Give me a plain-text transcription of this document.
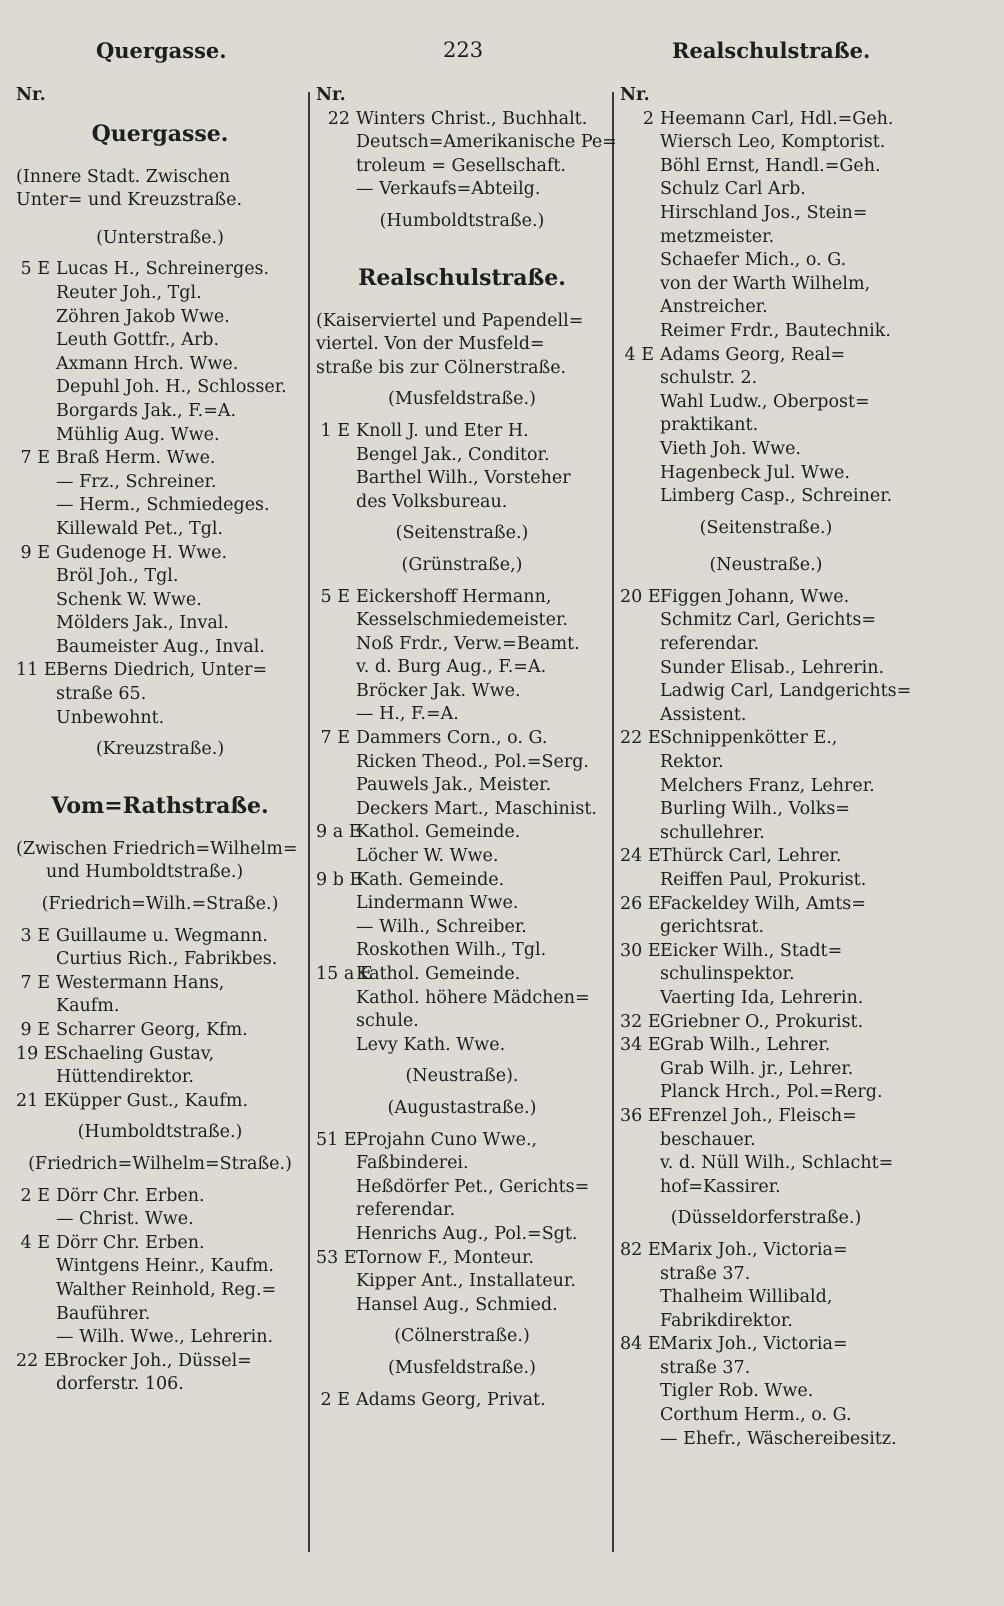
Quergasse.	223	Realschulstraße.
Nr.
Quergasse.
(Innere Stadt. Zwischen
Unter= und Kreuzstraße.
(Unterstraße.)
5 E Lucas H., Schreinerges.
Reuter Joh., Tgl.
Zöhren Jakob Wwe.
Leuth Gottfr., Arb.
Axmann Hrch. Wwe.
Depuhl Joh. H., Schlosser.
Borgards Jak., F.=A.
Mühlig Aug. Wwe.
7 E Braß Herm. Wwe.
— Frz., Schreiner.
— Herm., Schmiedeges.
Killewald Pet., Tgl.
9 E Gudenoge H. Wwe.
Bröl Joh., Tgl.
Schenk W. Wwe.
Mölders Jak., Inval.
Baumeister Aug., Inval.
11 EBerns Diedrich, Unter=
straße 65.
Unbewohnt.
(Kreuzstraße.)
Vom=Rathstraße.
(Zwischen Friedrich=Wilhelm=
und Humboldtstraße.)
(Friedrich=Wilh.=Straße.)
3 E Guillaume u. Wegmann.
Curtius Rich., Fabrikbes.
7 E Westermann Hans,
Kaufm.
9 E Scharrer Georg, Kfm.
19 ESchaeling Gustav,
Hüttendirektor.
21 EKüpper Gust., Kaufm.
(Humboldtstraße.)
(Friedrich=Wilhelm=Straße.)
2 E Dörr Chr. Erben.
— Christ. Wwe.
4 E Dörr Chr. Erben.
Wintgens Heinr., Kaufm.
Walther Reinhold, Reg.=
Bauführer.
— Wilh. Wwe., Lehrerin.
22 EBrocker Joh., Düssel=
dorferstr. 106.
Nr.
22 Winters Christ., Buchhalt.
Deutsch=Amerikanische Pe=
troleum = Gesellschaft.
— Verkaufs=Abteilg.
(Humboldtstraße.)
Realschulstraße.
(Kaiserviertel und Papendell=
viertel. Von der Musfeld=
straße bis zur Cölnerstraße.
(Musfeldstraße.)
1 E Knoll J. und Eter H.
Bengel Jak., Conditor.
Barthel Wilh., Vorsteher
des Volksbureau.
(Seitenstraße.)
(Grünstraße,)
5 E Eickershoff Hermann,
Kesselschmiedemeister.
Noß Frdr., Verw.=Beamt.
v. d. Burg Aug., F.=A.
Bröcker Jak. Wwe.
— H., F.=A.
7 E Dammers Corn., o. G.
Ricken Theod., Pol.=Serg.
Pauwels Jak., Meister.
Deckers Mart., Maschinist.
9 a EKathol. Gemeinde.
Löcher W. Wwe.
9 b EKath. Gemeinde.
Lindermann Wwe.
— Wilh., Schreiber.
Roskothen Wilh., Tgl.
15 a EKathol. Gemeinde.
Kathol. höhere Mädchen=
schule.
Levy Kath. Wwe.
(Neustraße).
(Augustastraße.)
51 EProjahn Cuno Wwe.,
Faßbinderei.
Heßdörfer Pet., Gerichts=
referendar.
Henrichs Aug., Pol.=Sgt.
53 ETornow F., Monteur.
Kipper Ant., Installateur.
Hansel Aug., Schmied.
(Cölnerstraße.)
(Musfeldstraße.)
2 E Adams Georg, Privat.
Nr.
2 Heemann Carl, Hdl.=Geh.
Wiersch Leo, Komptorist.
Böhl Ernst, Handl.=Geh.
Schulz Carl Arb.
Hirschland Jos., Stein=
metzmeister.
Schaefer Mich., o. G.
von der Warth Wilhelm,
Anstreicher.
Reimer Frdr., Bautechnik.
4 E Adams Georg, Real=
schulstr. 2.
Wahl Ludw., Oberpost=
praktikant.
Vieth Joh. Wwe.
Hagenbeck Jul. Wwe.
Limberg Casp., Schreiner.
(Seitenstraße.)
(Neustraße.)
20 EFiggen Johann, Wwe.
Schmitz Carl, Gerichts=
referendar.
Sunder Elisab., Lehrerin.
Ladwig Carl, Landgerichts=
Assistent.
22 ESchnippenkötter E.,
Rektor.
Melchers Franz, Lehrer.
Burling Wilh., Volks=
schullehrer.
24 EThürck Carl, Lehrer.
Reiffen Paul, Prokurist.
26 EFackeldey Wilh, Amts=
gerichtsrat.
30 EEicker Wilh., Stadt=
schulinspektor.
Vaerting Ida, Lehrerin.
32 EGriebner O., Prokurist.
34 EGrab Wilh., Lehrer.
Grab Wilh. jr., Lehrer.
Planck Hrch., Pol.=Rerg.
36 EFrenzel Joh., Fleisch=
beschauer.
v. d. Nüll Wilh., Schlacht=
hof=Kassirer.
(Düsseldorferstraße.)
82 EMarix Joh., Victoria=
straße 37.
Thalheim Willibald,
Fabrikdirektor.
84 EMarix Joh., Victoria=
straße 37.
Tigler Rob. Wwe.
Corthum Herm., o. G.
— Ehefr., Wäschereibesitz.
